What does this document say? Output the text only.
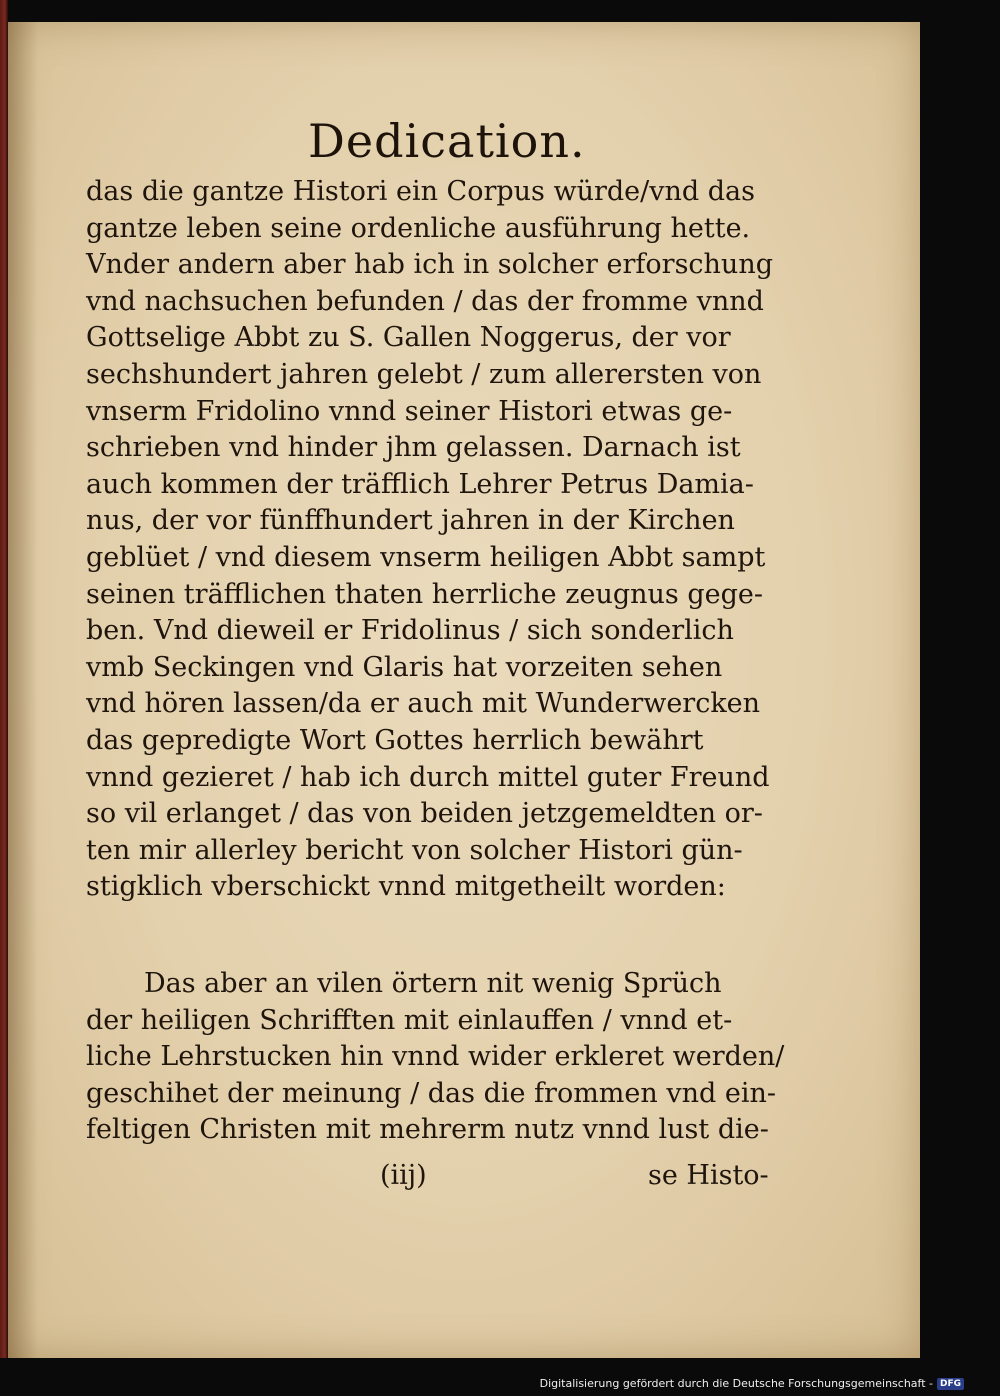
Dedication.
das die gantze Histori ein Corpus würde/vnd das
gantze leben seine ordenliche ausführung hette.
Vnder andern aber hab ich in solcher erforschung
vnd nachsuchen befunden / das der fromme vnnd
Gottselige Abbt zu S. Gallen Noggerus, der vor
sechshundert jahren gelebt / zum allerersten von
vnserm Fridolino vnnd seiner Histori etwas ge-
schrieben vnd hinder jhm gelassen. Darnach ist
auch kommen der träfflich Lehrer Petrus Damia-
nus, der vor fünffhundert jahren in der Kirchen
geblüet / vnd diesem vnserm heiligen Abbt sampt
seinen träfflichen thaten herrliche zeugnus gege-
ben. Vnd dieweil er Fridolinus / sich sonderlich
vmb Seckingen vnd Glaris hat vorzeiten sehen
vnd hören lassen/da er auch mit Wunderwercken
das gepredigte Wort Gottes herrlich bewährt
vnnd gezieret / hab ich durch mittel guter Freund
so vil erlanget / das von beiden jetzgemeldten or-
ten mir allerley bericht von solcher Histori gün-
stigklich vberschickt vnnd mitgetheilt worden:
Das aber an vilen örtern nit wenig Sprüch
der heiligen Schrifften mit einlauffen / vnnd et-
liche Lehrstucken hin vnnd wider erkleret werden/
geschihet der meinung / das die frommen vnd ein-
feltigen Christen mit mehrerm nutz vnnd lust die-
(iij)	se Histo-
Digitalisierung gefördert durch die Deutsche Forschungsgemeinschaft - DFG
